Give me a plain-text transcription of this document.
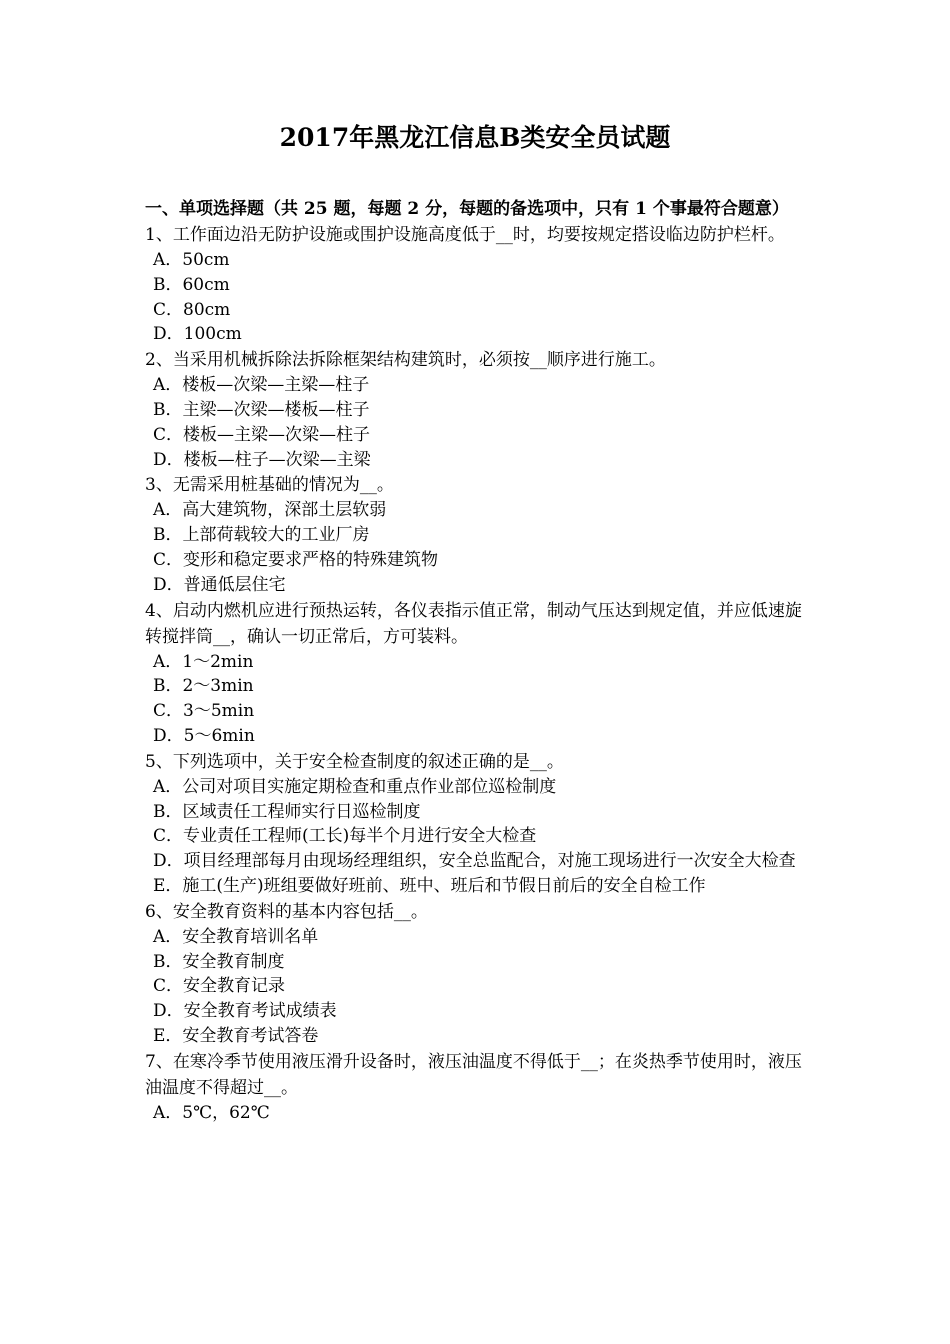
2017年黑龙江信息B类安全员试题

一、单项选择题（共 25 题，每题 2 分，每题的备选项中，只有 1 个事最符合题意）

1、工作面边沿无防护设施或围护设施高度低于__时，均要按规定搭设临边防护栏杆。

A．50cm

B．60cm

C．80cm

D．100cm

2、当采用机械拆除法拆除框架结构建筑时，必须按__顺序进行施工。

A．楼板—次梁—主梁—柱子

B．主梁—次梁—楼板—柱子

C．楼板—主梁—次梁—柱子

D．楼板—柱子—次梁—主梁

3、无需采用桩基础的情况为__。

A．高大建筑物，深部土层软弱

B．上部荷载较大的工业厂房

C．变形和稳定要求严格的特殊建筑物

D．普通低层住宅

4、启动内燃机应进行预热运转，各仪表指示值正常，制动气压达到规定值，并应低速旋转搅拌筒__，确认一切正常后，方可装料。

A．1～2min

B．2～3min

C．3～5min

D．5～6min

5、下列选项中，关于安全检查制度的叙述正确的是__。

A．公司对项目实施定期检查和重点作业部位巡检制度

B．区域责任工程师实行日巡检制度

C．专业责任工程师(工长)每半个月进行安全大检查

D．项目经理部每月由现场经理组织，安全总监配合，对施工现场进行一次安全大检查

E．施工(生产)班组要做好班前、班中、班后和节假日前后的安全自检工作

6、安全教育资料的基本内容包括__。

A．安全教育培训名单

B．安全教育制度

C．安全教育记录

D．安全教育考试成绩表

E．安全教育考试答卷

7、在寒冷季节使用液压滑升设备时，液压油温度不得低于__；在炎热季节使用时，液压油温度不得超过__。

A．5℃，62℃
